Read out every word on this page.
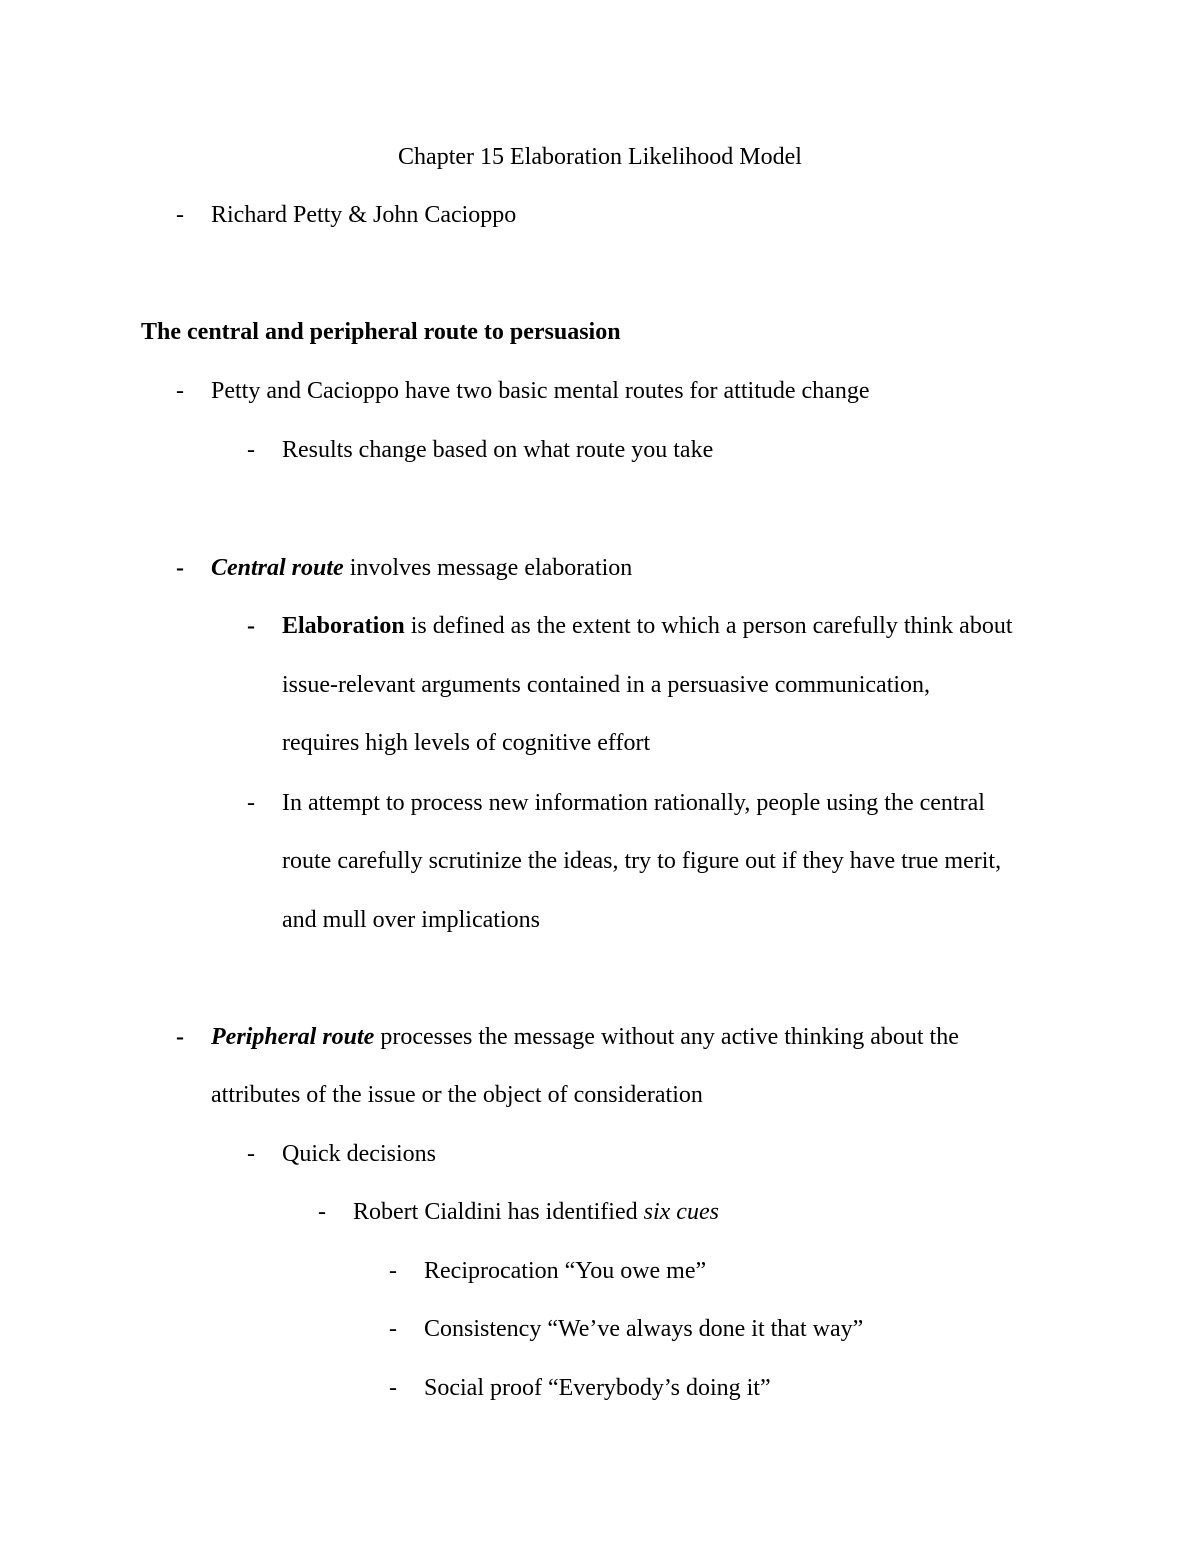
Chapter 15 Elaboration Likelihood Model
- Richard Petty & John Cacioppo
The central and peripheral route to persuasion
- Petty and Cacioppo have two basic mental routes for attitude change
- Results change based on what route you take
- Central route involves message elaboration
- Elaboration is defined as the extent to which a person carefully think about
issue-relevant arguments contained in a persuasive communication,
requires high levels of cognitive effort
- In attempt to process new information rationally, people using the central
route carefully scrutinize the ideas, try to figure out if they have true merit,
and mull over implications
- Peripheral route processes the message without any active thinking about the
attributes of the issue or the object of consideration
- Quick decisions
- Robert Cialdini has identified six cues
- Reciprocation “You owe me”
- Consistency “We’ve always done it that way”
- Social proof “Everybody’s doing it”
